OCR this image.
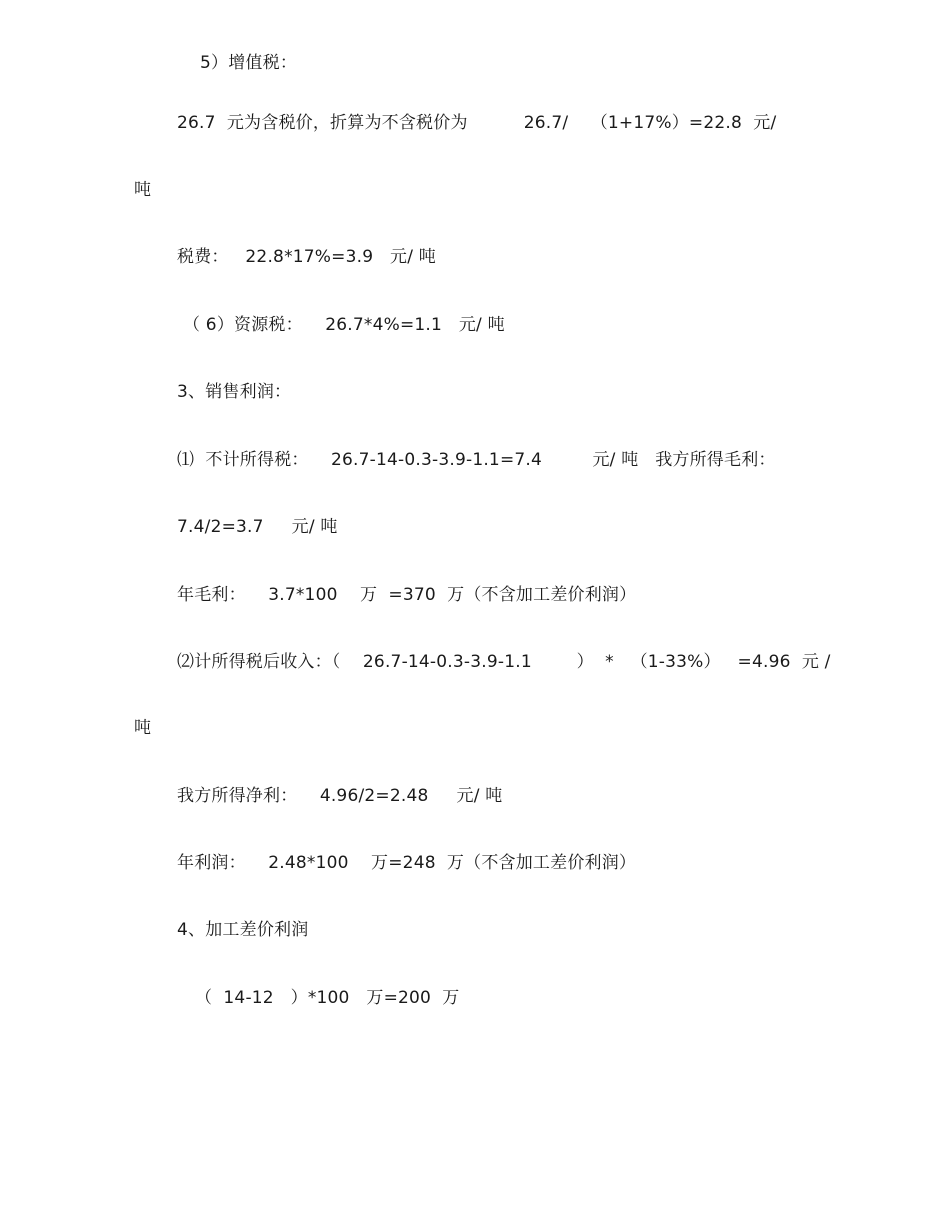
5）增值税：
26.7  元为含税价，折算为不含税价为          26.7/    （1+17%）=22.8  元/
吨
税费：   22.8*17%=3.9   元/ 吨
（ 6）资源税：    26.7*4%=1.1   元/ 吨
3、销售利润：
⑴  不计所得税：    26.7-14-0.3-3.9-1.1=7.4         元/ 吨   我方所得毛利：
7.4/2=3.7     元/ 吨
年毛利：    3.7*100    万  =370  万（不含加工差价利润）
⑵计所得税后收入：（    26.7-14-0.3-3.9-1.1        ）  *   （1-33%）   =4.96  元 /
吨
我方所得净利：    4.96/2=2.48     元/ 吨
年利润：    2.48*100    万=248  万（不含加工差价利润）
4、加工差价利润
（  14-12   ）*100   万=200  万
